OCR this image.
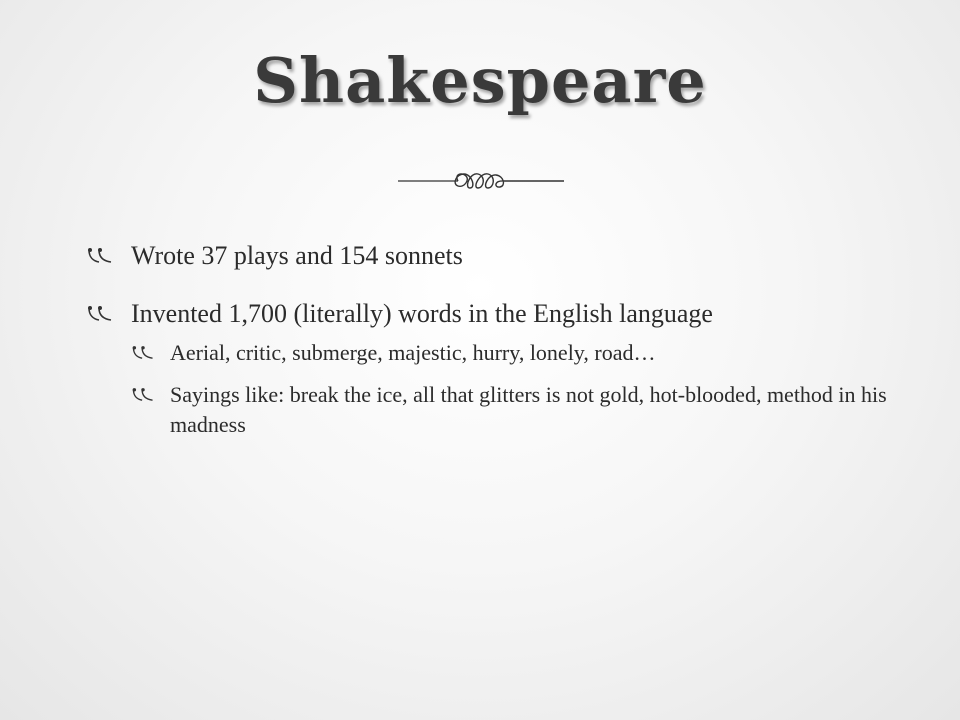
Shakespeare
Wrote 37 plays and 154 sonnets
Invented 1,700 (literally) words in the English language
Aerial, critic, submerge, majestic, hurry, lonely, road…
Sayings like: break the ice, all that glitters is not gold, hot-blooded, method in his madness
